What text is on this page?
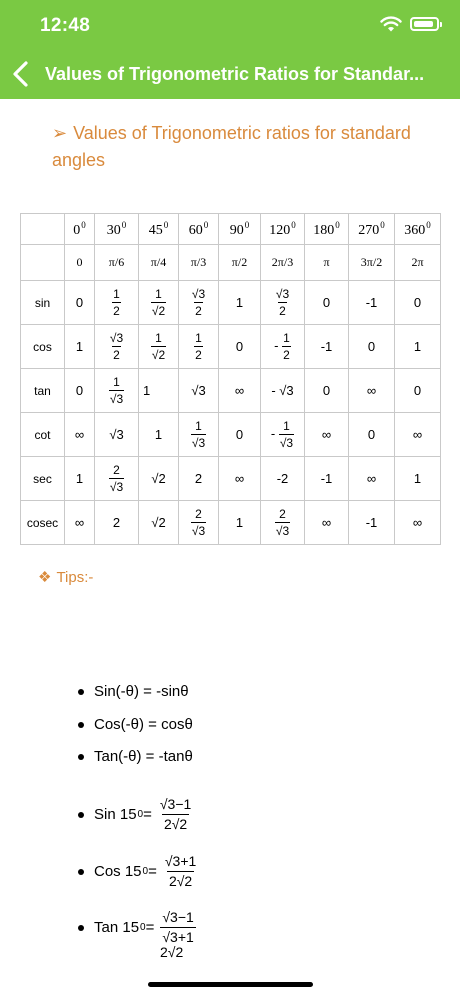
12:48
Values of Trigonometric Ratios for Standar...
➢ Values of Trigonometric ratios for standard angles
	$0^0$	$30^0$	$45^0$	$60^0$	$90^0$	$120^0$	$180^0$	$270^0$	$360^0$
	0	π/6	π/4	π/3	π/2	2π/3	π	3π/2	2π
sin	0	$\frac{1}{2}$	$\frac{1}{√2}$	$\frac{√3}{2}$	1	$\frac{√3}{2}$	0	-1	0
cos	1	$\frac{√3}{2}$	$\frac{1}{√2}$	$\frac{1}{2}$	0	- $\frac{1}{2}$	-1	0	1
tan	0	$\frac{1}{√3}$	1	√3	∞	- √3	0	∞	0
cot	∞	√3	1	$\frac{1}{√3}$	0	- $\frac{1}{√3}$	∞	0	∞
sec	1	$\frac{2}{√3}$	√2	2	∞	-2	-1	∞	1
cosec	∞	2	√2	$\frac{2}{√3}$	1	$\frac{2}{√3}$	∞	-1	∞
❖ Tips:-
Sin(-θ) = -sinθ
Cos(-θ) = cosθ
Tan(-θ) = -tanθ
Sin 15 $0 = \frac{√3-1}{2√2}$
Cos 15 $0 = \frac{√3+1}{2√2}$
Tan 15 $0 = \frac{√3-1}{√3+1}$
2√2
